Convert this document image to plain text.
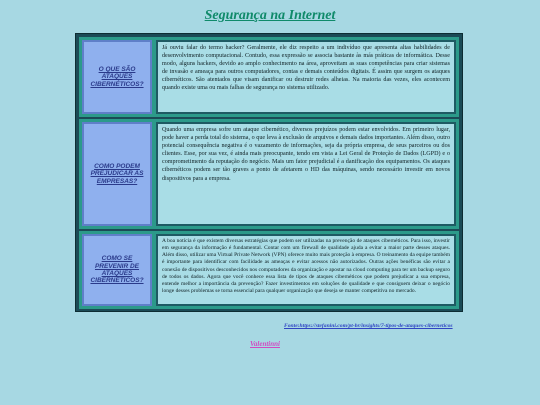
Segurança na Internet
O QUE SÃO ATAQUES CIBERNÉTICOS?
Já ouviu falar do termo hacker? Geralmente, ele diz respeito a um indivíduo que apresenta altas habilidades de desenvolvimento computacional. Contudo, essa expressão se associa bastante às más práticas de informática. Desse modo, alguns hackers, devido ao amplo conhecimento na área, aproveitam as suas competências para criar sistemas de invasão e ameaça para outros computadores, contas e demais conteúdos digitais. É assim que surgem os ataques cibernéticos. São atentados que visam danificar ou destruir redes alheias. Na maioria das vezes, eles acontecem quando existe uma ou mais falhas de segurança no sistema utilizado.
COMO PODEM PREJUDICAR AS EMPRESAS?
Quando uma empresa sofre um ataque cibernético, diversos prejuízos podem estar envolvidos. Em primeiro lugar, pode haver a perda total do sistema, o que leva à exclusão de arquivos e demais dados importantes. Além disso, outro potencial consequência negativa é o vazamento de informações, seja da própria empresa, de seus parceiros ou dos clientes. Esse, por sua vez, é ainda mais preocupante, tendo em vista a Lei Geral de Proteção de Dados (LGPD) e o comprometimento da reputação do negócio. Mais um fator prejudicial é a danificação dos equipamentos. Os ataques cibernéticos podem ser tão graves a ponto de afetarem o HD das máquinas, sendo necessário investir em novos dispositivos para a empresa.
COMO SE PREVENIR DE ATAQUES CIBERNÉTICOS?
A boa notícia é que existem diversas estratégias que podem ser utilizadas na prevenção de ataques cibernéticos. Para isso, investir em segurança da informação é fundamental. Contar com um firewall de qualidade ajuda a evitar a maior parte desses ataques. Além disso, utilizar uma Virtual Private Network (VPN) oferece muito mais proteção à empresa. O treinamento da equipe também é importante para identificar com facilidade as ameaças e evitar acessos não autorizados. Outras ações benéficas são evitar a conexão de dispositivos desconhecidos nos computadores da organização e apostar na cloud computing para ter um backup seguro de todos os dados. Agora que você conhece essa lista de tipos de ataques cibernéticos que podem prejudicar a sua empresa, entende melhor a importância da prevenção? Fazer investimentos em soluções de qualidade e que consiguem deixar o negócio longe desses problemas se torna essencial para qualquer organização que deseja se manter competitiva no mercado.
Fonte:https://stefanini.com/pt-br/insights/7-tipos-de-ataques-ciberneticos
Valentinni
